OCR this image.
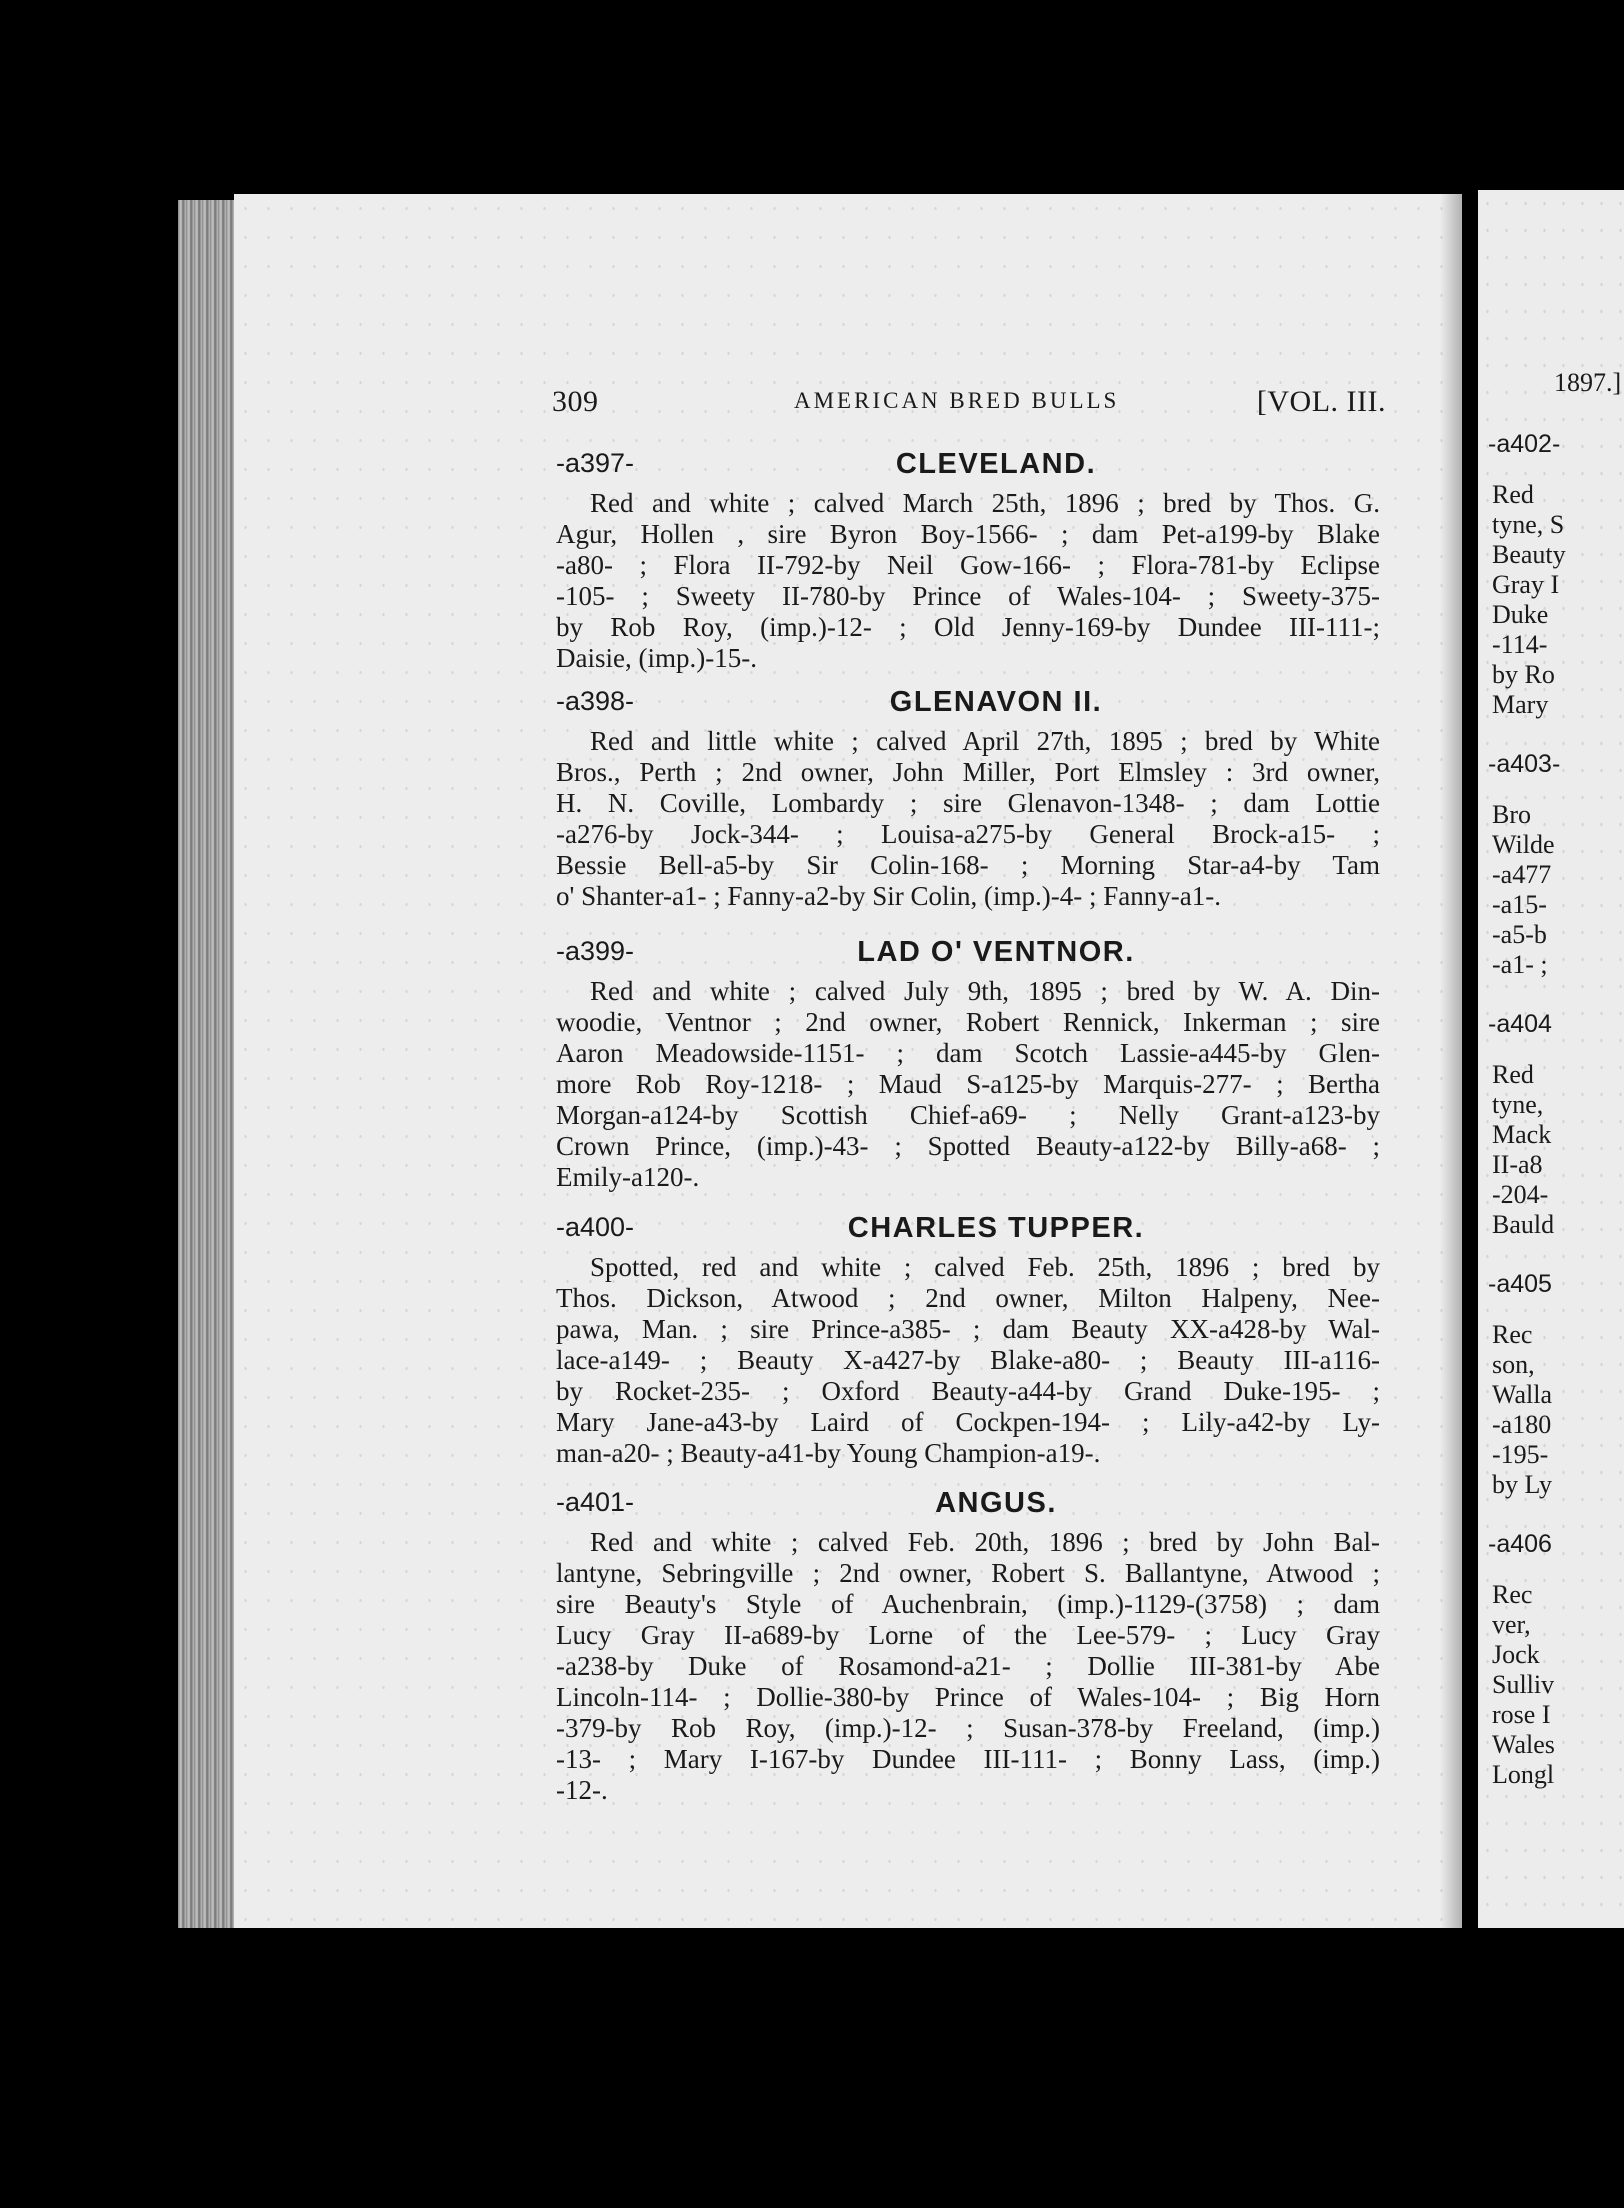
1897.]
-a402-
Red
tyne, S
Beauty
Gray I
Duke
-114-
by Ro
Mary
-a403-
Bro
Wilde
-a477
-a15-
-a5-b
-a1- ;
-a404
Red
tyne,
Mack
II-a8
-204-
Bauld
-a405
Rec
son,
Walla
-a180
-195-
by Ly
-a406
Rec
ver,
Jock
Sulliv
rose I
Wales
Longl
309	AMERICAN BRED BULLS	[VOL. III.
-a397-	CLEVELAND.
Red and white ; calved March 25th, 1896 ; bred by Thos. G.
Agur, Hollen , sire Byron Boy-1566- ; dam Pet-a199-by Blake
-a80- ; Flora II-792-by Neil Gow-166- ; Flora-781-by Eclipse
-105- ; Sweety II-780-by Prince of Wales-104- ; Sweety-375-
by Rob Roy, (imp.)-12- ; Old Jenny-169-by Dundee III-111-;
Daisie, (imp.)-15-.
-a398-	GLENAVON II.
Red and little white ; calved April 27th, 1895 ; bred by White
Bros., Perth ; 2nd owner, John Miller, Port Elmsley : 3rd owner,
H. N. Coville, Lombardy ; sire Glenavon-1348- ; dam Lottie
-a276-by Jock-344- ; Louisa-a275-by General Brock-a15- ;
Bessie Bell-a5-by Sir Colin-168- ; Morning Star-a4-by Tam
o' Shanter-a1- ; Fanny-a2-by Sir Colin, (imp.)-4- ; Fanny-a1-.
-a399-	LAD O' VENTNOR.
Red and white ; calved July 9th, 1895 ; bred by W. A. Din-
woodie, Ventnor ; 2nd owner, Robert Rennick, Inkerman ; sire
Aaron Meadowside-1151- ; dam Scotch Lassie-a445-by Glen-
more Rob Roy-1218- ; Maud S-a125-by Marquis-277- ; Bertha
Morgan-a124-by Scottish Chief-a69- ; Nelly Grant-a123-by
Crown Prince, (imp.)-43- ; Spotted Beauty-a122-by Billy-a68- ;
Emily-a120-.
-a400-	CHARLES TUPPER.
Spotted, red and white ; calved Feb. 25th, 1896 ; bred by
Thos. Dickson, Atwood ; 2nd owner, Milton Halpeny, Nee-
pawa, Man. ; sire Prince-a385- ; dam Beauty XX-a428-by Wal-
lace-a149- ; Beauty X-a427-by Blake-a80- ; Beauty III-a116-
by Rocket-235- ; Oxford Beauty-a44-by Grand Duke-195- ;
Mary Jane-a43-by Laird of Cockpen-194- ; Lily-a42-by Ly-
man-a20- ; Beauty-a41-by Young Champion-a19-.
-a401-	ANGUS.
Red and white ; calved Feb. 20th, 1896 ; bred by John Bal-
lantyne, Sebringville ; 2nd owner, Robert S. Ballantyne, Atwood ;
sire Beauty's Style of Auchenbrain, (imp.)-1129-(3758) ; dam
Lucy Gray II-a689-by Lorne of the Lee-579- ; Lucy Gray
-a238-by Duke of Rosamond-a21- ; Dollie III-381-by Abe
Lincoln-114- ; Dollie-380-by Prince of Wales-104- ; Big Horn
-379-by Rob Roy, (imp.)-12- ; Susan-378-by Freeland, (imp.)
-13- ; Mary I-167-by Dundee III-111- ; Bonny Lass, (imp.)
-12-.
